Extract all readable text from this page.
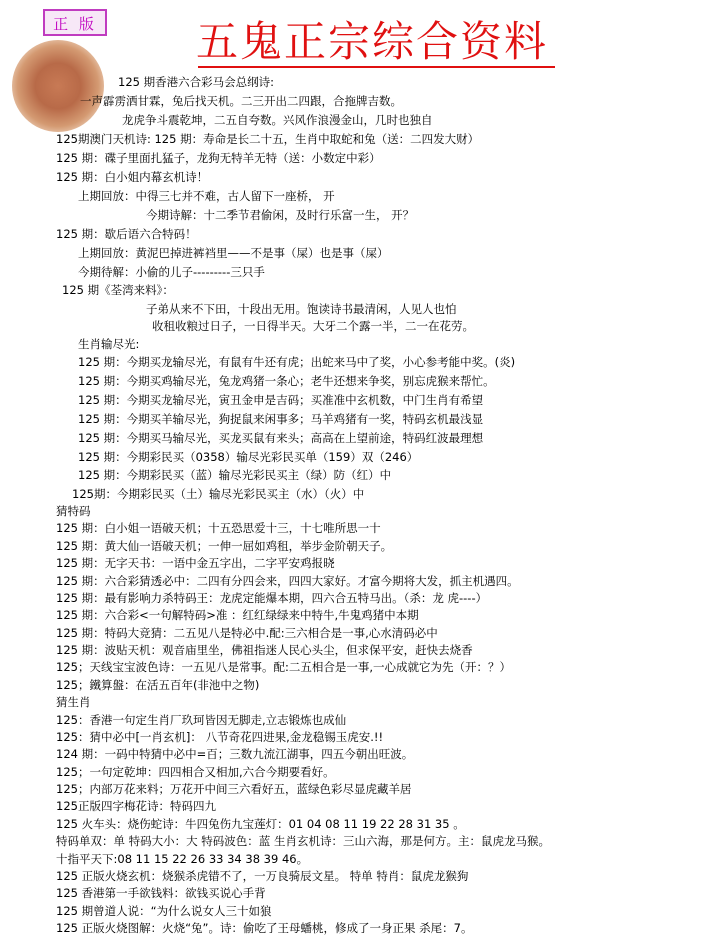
正 版 五鬼正宗综合资料
125 期香港六合彩马会总纲诗:
一声霹雳洒甘霖，兔后找天机。二三开出二四跟，合拖牌吉数。
龙虎争斗震乾坤，二五自夸数。兴风作浪漫金山，几时也独自
125期澳门天机诗: 125 期：寿命是长二十五，生肖中取蛇和兔（送：二四发大财）
125 期：碟子里面扎猛子，龙狗无特羊无特（送：小数定中彩）
125 期：白小姐内幕玄机诗！
上期回放：中得三七并不难，古人留下一座桥， 开
今期诗解：十二季节君偷闲，及时行乐富一生， 开？
125 期：歇后语六合特码！
上期回放：黄泥巴掉进裤裆里——不是事（屎）也是事（屎）
今期待解：小偷的儿子---------三只手
125 期《荃湾来料》：
子弟从来不下田，十段出无用。饱读诗书最清闲，人见人也怕
收租收粮过日子，一日得半天。大牙二个露一半，二一在花劳。
生肖输尽光:
125 期：今期买龙输尽光，有鼠有牛还有虎；出蛇来马中了奖，小心参考能中奖。(炎)
125 期：今期买鸡输尽光，兔龙鸡猪一条心；老牛还想来争奖，别忘虎猴来帮忙。
125 期：今期买龙输尽光，寅丑金申是吉码；买准准中玄机数，中门生肖有希望
125 期：今期买羊输尽光，狗捉鼠来闲事多；马羊鸡猪有一奖，特码玄机最浅显
125 期：今期买马输尽光，买龙买鼠有来头；高高在上望前途，特码红波最理想
125 期：今期彩民买（0358）输尽光彩民买单（159）双（246）
125 期：今期彩民买（蓝）输尽光彩民买主（绿）防（红）中
125期：今期彩民买（土）输尽光彩民买主（水）（火）中
猜特码
125 期：白小姐一语破天机；十五恐思爱十三，十七唯所思一十
125 期：黄大仙一语破天机；一伸一屈如鸡租，举步金阶朝天子。
125 期：无字天书：一语中金五字出，二字平安鸡报晓
125 期：六合彩猜透必中：二四有分四会来，四四大家好。才富今期将大发，抓主机遇四。
125 期：最有影响力杀特码王：龙虎定能爆本期，四六合五特马出。（杀：龙 虎----）
125 期：六合彩<一句解特码>准 ：红红绿绿来中特牛,牛鬼鸡猪中本期
125 期：特码大竞猜：二五见八是特必中.配:三六相合是一事,心水清码必中
125 期：波贴天机：观音庙里坐，佛祖指迷人民心头尘，但求保平安，赶快去烧香
125；天线宝宝波色诗：一五见八是常事。配:二五相合是一事,一心成就它为先（开：？）
125；鐵算盤：在活五百年(非池中之物)
猜生肖
125：香港一句定生肖厂玖珂皆因无脚走,立志锻炼也成仙
125：猜中必中[一肖玄机]： 八节奇花四进果,金龙稳锡玉虎安.!!
124 期：一码中特猜中必中=百；三数九流江湖事，四五今朝出旺波。
125；一句定乾坤：四四相合又相加,六合今期要看好。
125；内部万花来料；万花开中间三六看好五，蓝绿色彩尽显虎藏羊居
125正版四字梅花诗：特码四九
125 火车头：烧伤蛇诗：牛四兔伤九宝莲灯：01 04 08 11 19 22 28 31 35 。
特码单双：单 特码大小：大 特码波色：蓝 生肖玄机诗：三山六海，那是何方。主：鼠虎龙马猴。
十指平天下:08 11 15 22 26 33 34 38 39 46。
125 正版火烧玄机：烧猴杀虎错不了，一万良骑辰文星。 特单 特肖：鼠虎龙猴狗
125 香港第一手欲钱料：欲钱买说心手背
125 期曾道人说：“为什么说女人三十如狼
125 正版火烧图解：火烧“兔”。诗：偷吃了王母蟠桃，修成了一身正果 杀尾：7。
